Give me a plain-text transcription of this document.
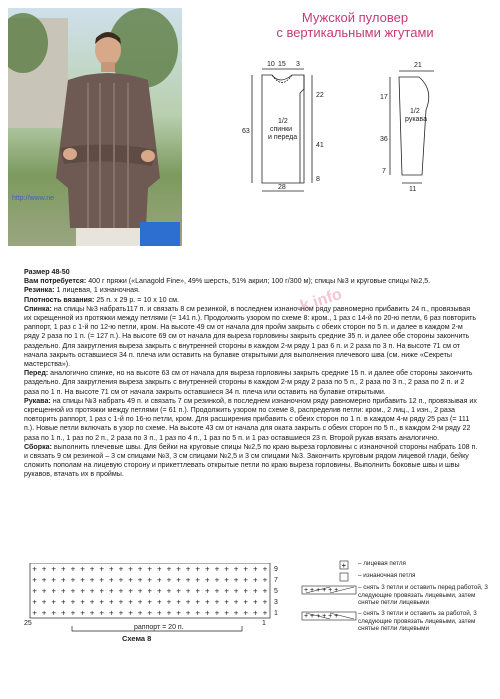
http://www.ne
Мужской пуловер
с вертикальными жгутами
10 15 3
63
22
41
8
28
1/2
спинки
и переда
21
17
36
7
11
1/2
рукава
k.info

Размер 48-50

Вам потребуется: 400 г пряжи («Lanagold Fine», 49% шерсть, 51% акрил; 100 г/300 м); спицы №3 и круговые спицы №2,5.

Резинка: 1 лицевая, 1 изнаночная.

Плотность вязания: 25 п. х 29 р. = 10 х 10 см.

Спинка: на спицы №3 набрать117 п. и связать 8 см резинкой, в последнем изнаночном ряду равномерно прибавить 24 п., провязывая их скрещенной из протяжки между петлями (= 141 п.). Продолжить узором по схеме 8: кром., 1 раз с 14-й по 20-ю петли, 6 раз повторить раппорт, 1 раз с 1-й по 12-ю петли, кром. На высоте 49 см от начала для пройм закрыть с обеих сторон по 5 п. и далее в каждом 2-м ряду 2 раза по 1 п. (= 127 п.). На высоте 69 см от начала для выреза горловины закрыть средние 35 п. и далее обе стороны закончить раздельно. Для закругления выреза закрыть с внутренней стороны в каждом 2-м ряду 1 раз 6 п. и 2 раза по 3 п. На высоте 71 см от начала закрыть оставшиеся 34 п. плеча или оставить на булавке открытыми для выполнения плечевого шва (см. ниже «Секреты мастерства»).

Перед: аналогично спинке, но на высоте 63 см от начала для выреза горловины закрыть средние 15 п. и далее обе стороны закончить раздельно. Для закругления выреза закрыть с внутренней стороны в каждом 2-м ряду 2 раза по 5 п., 2 раза по 3 п., 2 раза по 2 п. и 2 раза по 1 п. На высоте 71 см от начала закрыть оставшиеся 34 п. плеча или оставить на булавке открытыми.

Рукава: на спицы №3 набрать 49 п. и связать 7 см резинкой, в последнем изнаночном ряду равномерно прибавить 12 п., провязывая их скрещенной из протяжки между петлями (= 61 п.). Продолжить узором по схеме 8, распределив петли: кром., 2 лиц., 1 изн., 2 раза повторить раппорт, 1 раз с 1-й по 16-ю петли, кром. Для расширения прибавить с обеих сторон по 1 п. в каждом 4-м ряду 25 раз (= 111 п.). Новые петли включать в узор по схеме. На высоте 43 см от начала для оката закрыть с обеих сторон по 5 п., в каждом 2-м ряду 22 раза по 1 п., 1 раз по 2 п., 2 раза по 3 п., 1 раз по 4 п., 1 раз по 5 п. и 1 раз оставшиеся 23 п. Второй рукав вязать аналогично.

Сборка: выполнить плечевые швы. Для бейки на круговые спицы №2,5 по краю выреза горловины с изнаночной стороны набрать 108 п. и связать 9 см резинкой – 3 см спицами №3, 3 см спицами №2,5 и 3 см спицами №3. Закончить круговым рядом лицевой глади, бейку сложить пополам на лицевую сторону и прикеттлевать открытые петли по краю выреза горловины. Выполнить боковые швы и швы рукавов, втачать их в проймы.

+ + + + + + + + + + + + + + + + + + + + + + + + +
+ + + + + + + + + + + + + + + + + + + + + + + + +
+ + + + + + + + + + + + + + + + + + + + + + + + +
+ + + + + + + + + + + + + + + + + + + + + + + + +
+ + + + + + + + + + + + + + + + + + + + + + + + +
9
7
5
3
1
25	1
раппорт = 20 п.
Схема 8
+ – лицевая петля
– изнаночная петля
+ + + + + +	– снять 3 петли и оставить перед работой, 3 следующие провязать лицевыми, затем снятые петли лицевыми
+ + + + + +	– снять 3 петли и оставить за работой, 3 следующие провязать лицевыми, затем снятые петли лицевыми
